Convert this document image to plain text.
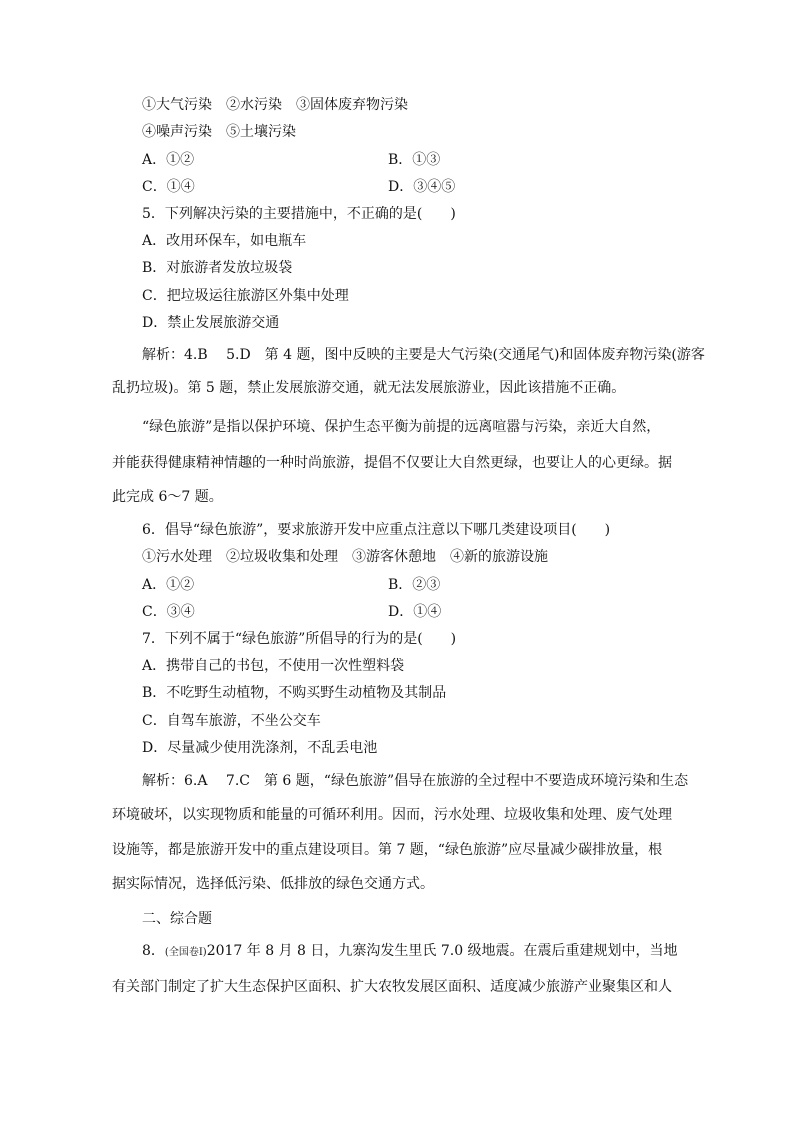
①大气污染　②水污染　③固体废弃物污染
④噪声污染　⑤土壤污染
A．①②	B．①③
C．①④	D．③④⑤
5．下列解决污染的主要措施中，不正确的是(　　)
A．改用环保车，如电瓶车
B．对旅游者发放垃圾袋
C．把垃圾运往旅游区外集中处理
D．禁止发展旅游交通
解析：4.B　 5.D　第 4 题，图中反映的主要是大气污染(交通尾气)和固体废弃物污染(游客
乱扔垃圾)。第 5 题，禁止发展旅游交通，就无法发展旅游业，因此该措施不正确。
“绿色旅游”是指以保护环境、保护生态平衡为前提的远离喧嚣与污染，亲近大自然，
并能获得健康精神情趣的一种时尚旅游，提倡不仅要让大自然更绿，也要让人的心更绿。据
此完成 6～7 题。
6．倡导“绿色旅游”，要求旅游开发中应重点注意以下哪几类建设项目(　　)
①污水处理　②垃圾收集和处理　③游客休憩地　④新的旅游设施
A．①②	B．②③
C．③④	D．①④
7．下列不属于“绿色旅游”所倡导的行为的是(　　)
A．携带自己的书包，不使用一次性塑料袋
B．不吃野生动植物，不购买野生动植物及其制品
C．自驾车旅游，不坐公交车
D．尽量减少使用洗涤剂，不乱丢电池
解析：6.A　 7.C　第 6 题，“绿色旅游”倡导在旅游的全过程中不要造成环境污染和生态
环境破坏，以实现物质和能量的可循环利用。因而，污水处理、垃圾收集和处理、废气处理
设施等，都是旅游开发中的重点建设项目。第 7 题，“绿色旅游”应尽量减少碳排放量，根
据实际情况，选择低污染、低排放的绿色交通方式。
二、综合题
8．(全国卷Ⅰ)2017 年 8 月 8 日，九寨沟发生里氏 7.0 级地震。在震后重建规划中，当地
有关部门制定了扩大生态保护区面积、扩大农牧发展区面积、适度减少旅游产业聚集区和人
